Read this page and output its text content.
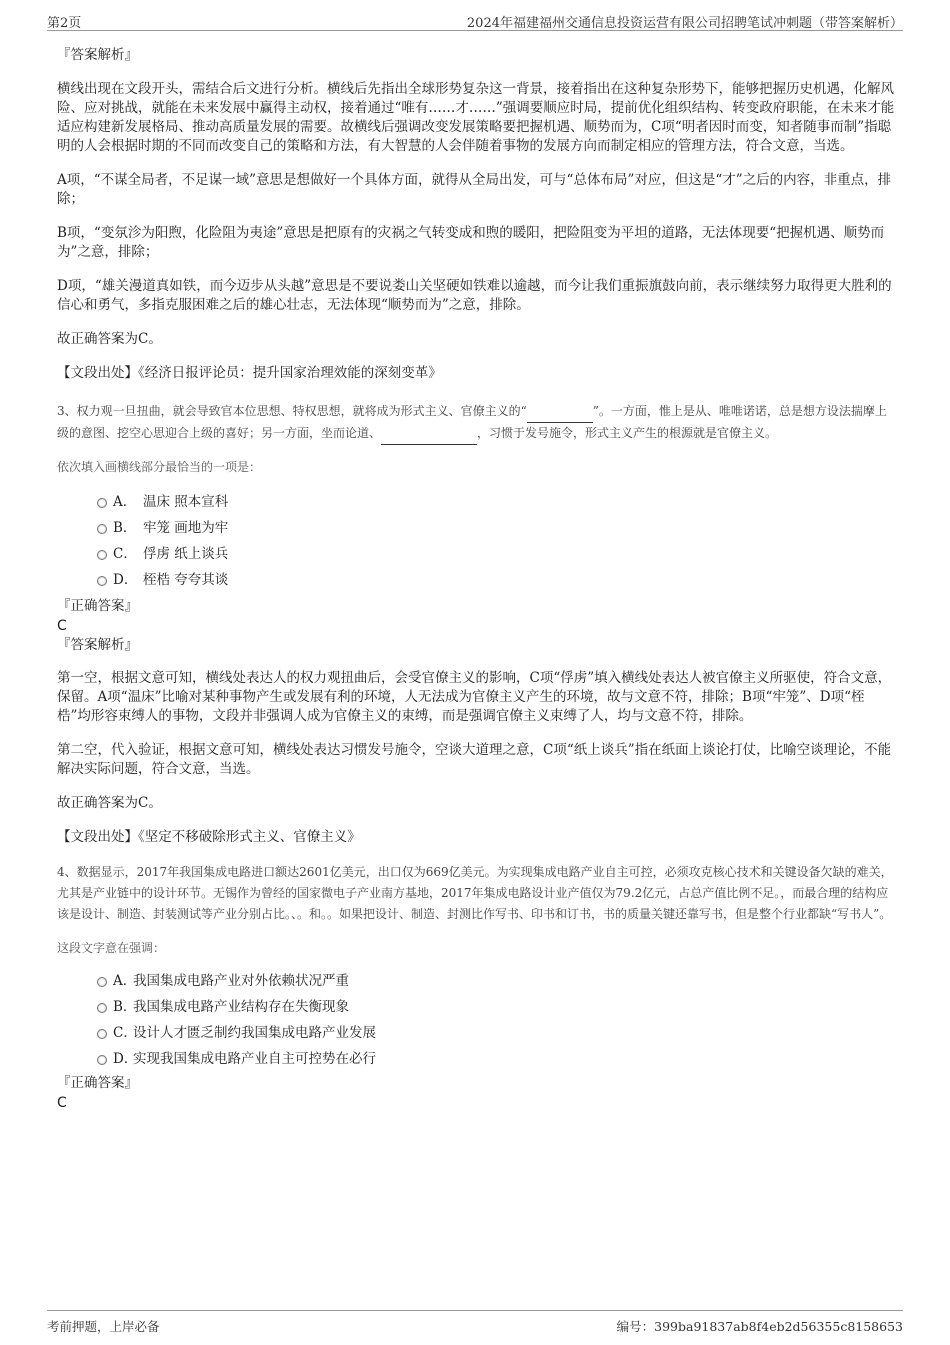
第2页	2024年福建福州交通信息投资运营有限公司招聘笔试冲刺题（带答案解析）
『答案解析』

横线出现在文段开头，需结合后文进行分析。横线后先指出全球形势复杂这一背景，接着指出在这种复杂形势下，能够把握历史机遇，化解风险、应对挑战，就能在未来发展中赢得主动权，接着通过“唯有……才……”强调要顺应时局，提前优化组织结构、转变政府职能，在未来才能适应构建新发展格局、推动高质量发展的需要。故横线后强调改变发展策略要把握机遇、顺势而为，C项“明者因时而变，知者随事而制”指聪明的人会根据时期的不同而改变自己的策略和方法，有大智慧的人会伴随着事物的发展方向而制定相应的管理方法，符合文意，当选。

A项，“不谋全局者，不足谋一域”意思是想做好一个具体方面，就得从全局出发，可与“总体布局”对应，但这是“才”之后的内容，非重点，排除；

B项，“变氛沴为阳煦，化险阻为夷途”意思是把原有的灾祸之气转变成和煦的暖阳，把险阻变为平坦的道路，无法体现要“把握机遇、顺势而为”之意，排除；

D项，“雄关漫道真如铁，而今迈步从头越”意思是不要说娄山关坚硬如铁难以逾越，而今让我们重振旗鼓向前，表示继续努力取得更大胜利的信心和勇气，多指克服困难之后的雄心壮志，无法体现“顺势而为”之意，排除。

故正确答案为C。

【文段出处】《经济日报评论员：提升国家治理效能的深刻变革》

3、权力观一旦扭曲，就会导致官本位思想、特权思想，就将成为形式主义、官僚主义的“	”。一方面，惟上是从、唯唯诺诺，总是想方设法揣摩上级的意图、挖空心思迎合上级的喜好；另一方面，坐而论道、	，习惯于发号施令，形式主义产生的根源就是官僚主义。

依次填入画横线部分最恰当的一项是：

A． 温床 照本宣科
B． 牢笼 画地为牢
C． 俘虏 纸上谈兵
D． 桎梏 夸夸其谈
『正确答案』

C

『答案解析』

第一空，根据文意可知，横线处表达人的权力观扭曲后，会受官僚主义的影响，C项“俘虏”填入横线处表达人被官僚主义所驱使，符合文意，保留。A项“温床”比喻对某种事物产生或发展有利的环境，人无法成为官僚主义产生的环境，故与文意不符，排除；B项“牢笼”、D项“桎梏”均形容束缚人的事物，文段并非强调人成为官僚主义的束缚，而是强调官僚主义束缚了人，均与文意不符，排除。

第二空，代入验证，根据文意可知，横线处表达习惯发号施令，空谈大道理之意，C项“纸上谈兵”指在纸面上谈论打仗，比喻空谈理论，不能解决实际问题，符合文意，当选。

故正确答案为C。

【文段出处】《坚定不移破除形式主义、官僚主义》

4、数据显示，2017年我国集成电路进口额达2601亿美元，出口仅为669亿美元。为实现集成电路产业自主可控，必须攻克核心技术和关键设备欠缺的难关，尤其是产业链中的设计环节。无锡作为曾经的国家微电子产业南方基地，2017年集成电路设计业产值仅为79.2亿元，占总产值比例不足。，而最合理的结构应该是设计、制造、封装测试等产业分别占比。、。和。。如果把设计、制造、封测比作写书、印书和订书，书的质量关键还靠写书，但是整个行业都缺“写书人”。

这段文字意在强调：

A．我国集成电路产业对外依赖状况严重
B．我国集成电路产业结构存在失衡现象
C．设计人才匮乏制约我国集成电路产业发展
D．实现我国集成电路产业自主可控势在必行
『正确答案』

C

考前押题，上岸必备	编号：399ba91837ab8f4eb2d56355c8158653
